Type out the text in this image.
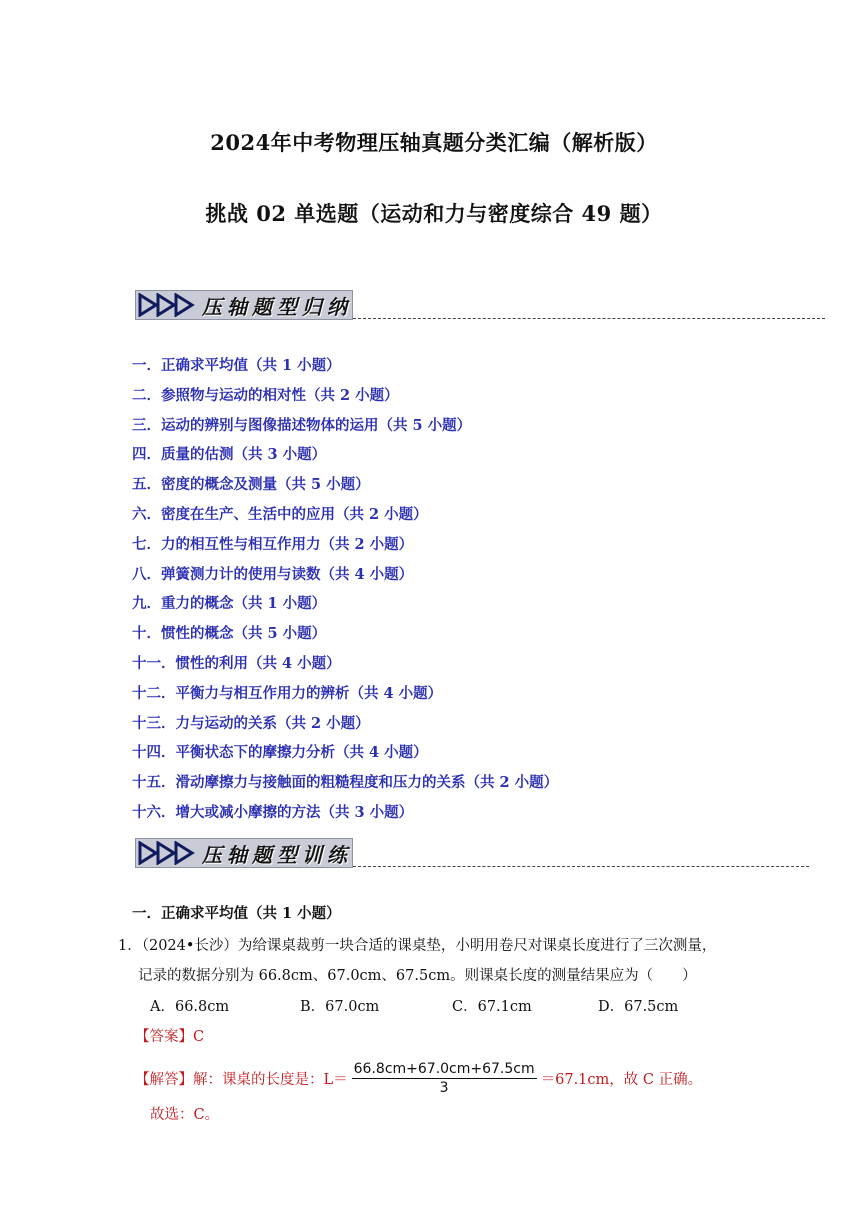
2024年中考物理压轴真题分类汇编（解析版）
挑战 02 单选题（运动和力与密度综合 49 题）
压轴题型归纳
一．正确求平均值（共 1 小题）
二．参照物与运动的相对性（共 2 小题）
三．运动的辨别与图像描述物体的运用（共 5 小题）
四．质量的估测（共 3 小题）
五．密度的概念及测量（共 5 小题）
六．密度在生产、生活中的应用（共 2 小题）
七．力的相互性与相互作用力（共 2 小题）
八．弹簧测力计的使用与读数（共 4 小题）
九．重力的概念（共 1 小题）
十．惯性的概念（共 5 小题）
十一．惯性的利用（共 4 小题）
十二．平衡力与相互作用力的辨析（共 4 小题）
十三．力与运动的关系（共 2 小题）
十四．平衡状态下的摩擦力分析（共 4 小题）
十五．滑动摩擦力与接触面的粗糙程度和压力的关系（共 2 小题）
十六．增大或减小摩擦的方法（共 3 小题）
压轴题型训练
一．正确求平均值（共 1 小题）
1．（2024•长沙）为给课桌裁剪一块合适的课桌垫，小明用卷尺对课桌长度进行了三次测量，
记录的数据分别为 66.8cm、67.0cm、67.5cm。则课桌长度的测量结果应为（　　）
A．66.8cm	B．67.0cm	C．67.1cm	D．67.5cm
【答案】C
【解答】解：课桌的长度是：$L= \frac{66.8cm+67.0cm+67.5cm}{3} =67.1cm$，故 C 正确。
故选：C。
